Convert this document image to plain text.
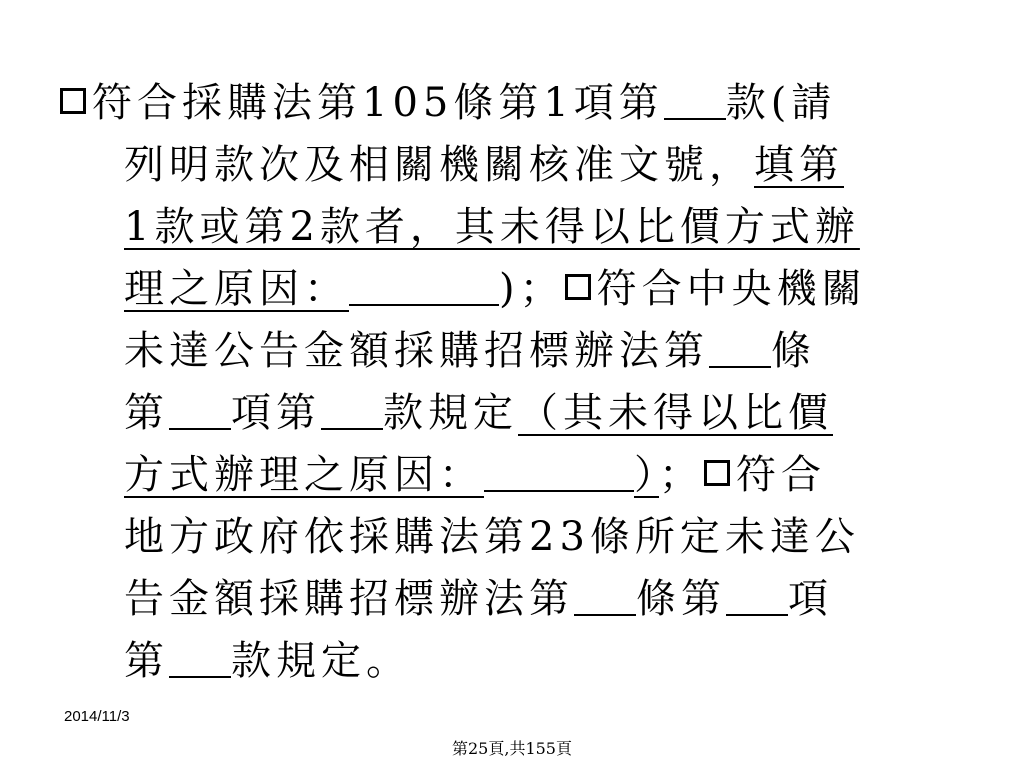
符合採購法第105條第1項第 款(請
列明款次及相關機關核准文號，填第
1款或第2款者，其未得以比價方式辦
理之原因：	)； 符合中央機關
未達公告金額採購招標辦法第 條
第 項第 款規定（其未得以比價
方式辦理之原因：	）； 符合
地方政府依採購法第23條所定未達公
告金額採購招標辦法第 條第 項
第 款規定。
2014/11/3
第25頁,共155頁
